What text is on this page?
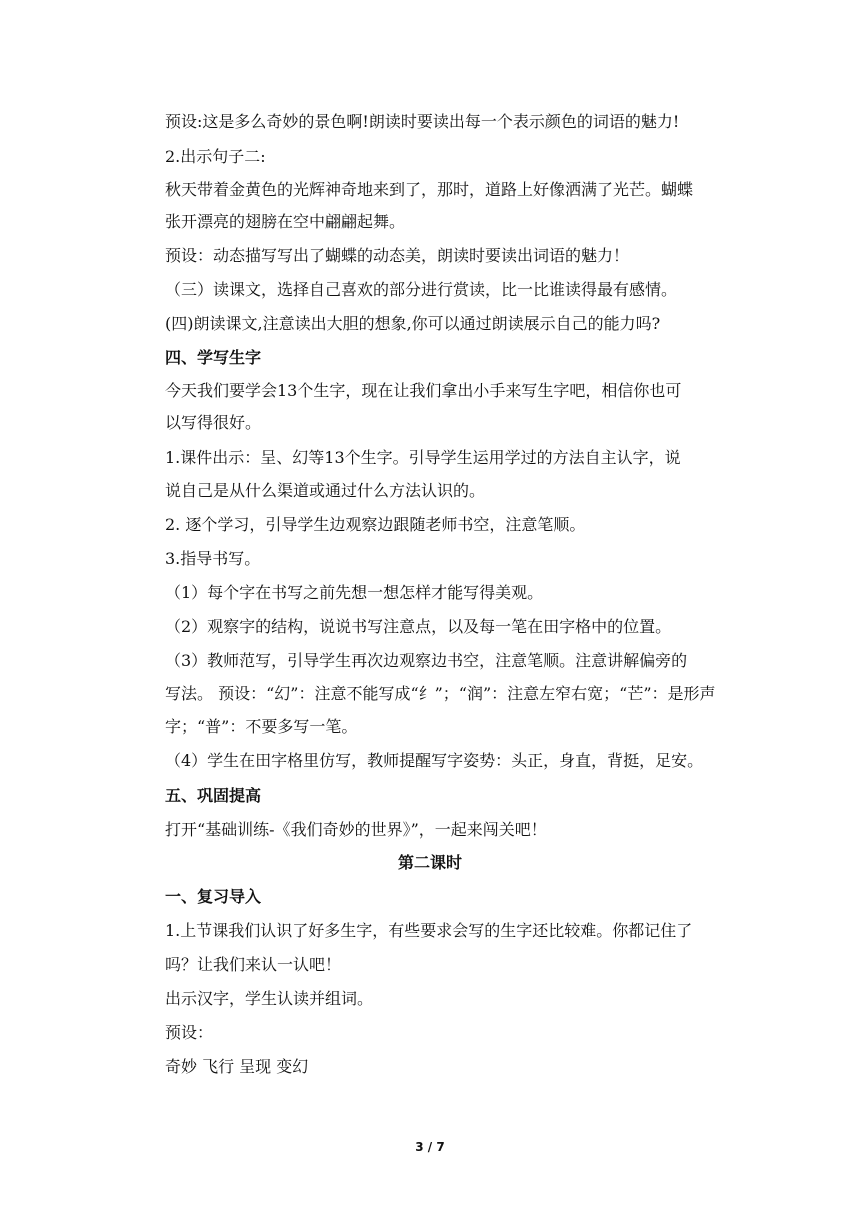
预设:这是多么奇妙的景色啊!朗读时要读出每一个表示颜色的词语的魅力!
2.出示句子二:
秋天带着金黄色的光辉神奇地来到了，那时，道路上好像洒满了光芒。蝴蝶
张开漂亮的翅膀在空中翩翩起舞。
预设：动态描写写出了蝴蝶的动态美，朗读时要读出词语的魅力！
（三）读课文，选择自己喜欢的部分进行赏读，比一比谁读得最有感情。
(四)朗读课文,注意读出大胆的想象,你可以通过朗读展示自己的能力吗?
四、学写生字
今天我们要学会13个生字，现在让我们拿出小手来写生字吧，相信你也可
以写得很好。
1.课件出示：呈、幻等13个生字。引导学生运用学过的方法自主认字，说
说自己是从什么渠道或通过什么方法认识的。
2. 逐个学习，引导学生边观察边跟随老师书空，注意笔顺。
3.指导书写。
（1）每个字在书写之前先想一想怎样才能写得美观。
（2）观察字的结构，说说书写注意点，以及每一笔在田字格中的位置。
（3）教师范写，引导学生再次边观察边书空，注意笔顺。注意讲解偏旁的
写法。 预设：“幻”：注意不能写成“纟”；“润”：注意左窄右宽；“芒”：是形声
字；“普”：不要多写一笔。
（4）学生在田字格里仿写，教师提醒写字姿势：头正，身直，背挺，足安。
五、巩固提高
打开“基础训练-《我们奇妙的世界》”，一起来闯关吧！
第二课时
一、复习导入
1.上节课我们认识了好多生字，有些要求会写的生字还比较难。你都记住了
吗？让我们来认一认吧！
出示汉字，学生认读并组词。
预设：
奇妙 飞行 呈现 变幻
3 / 7
